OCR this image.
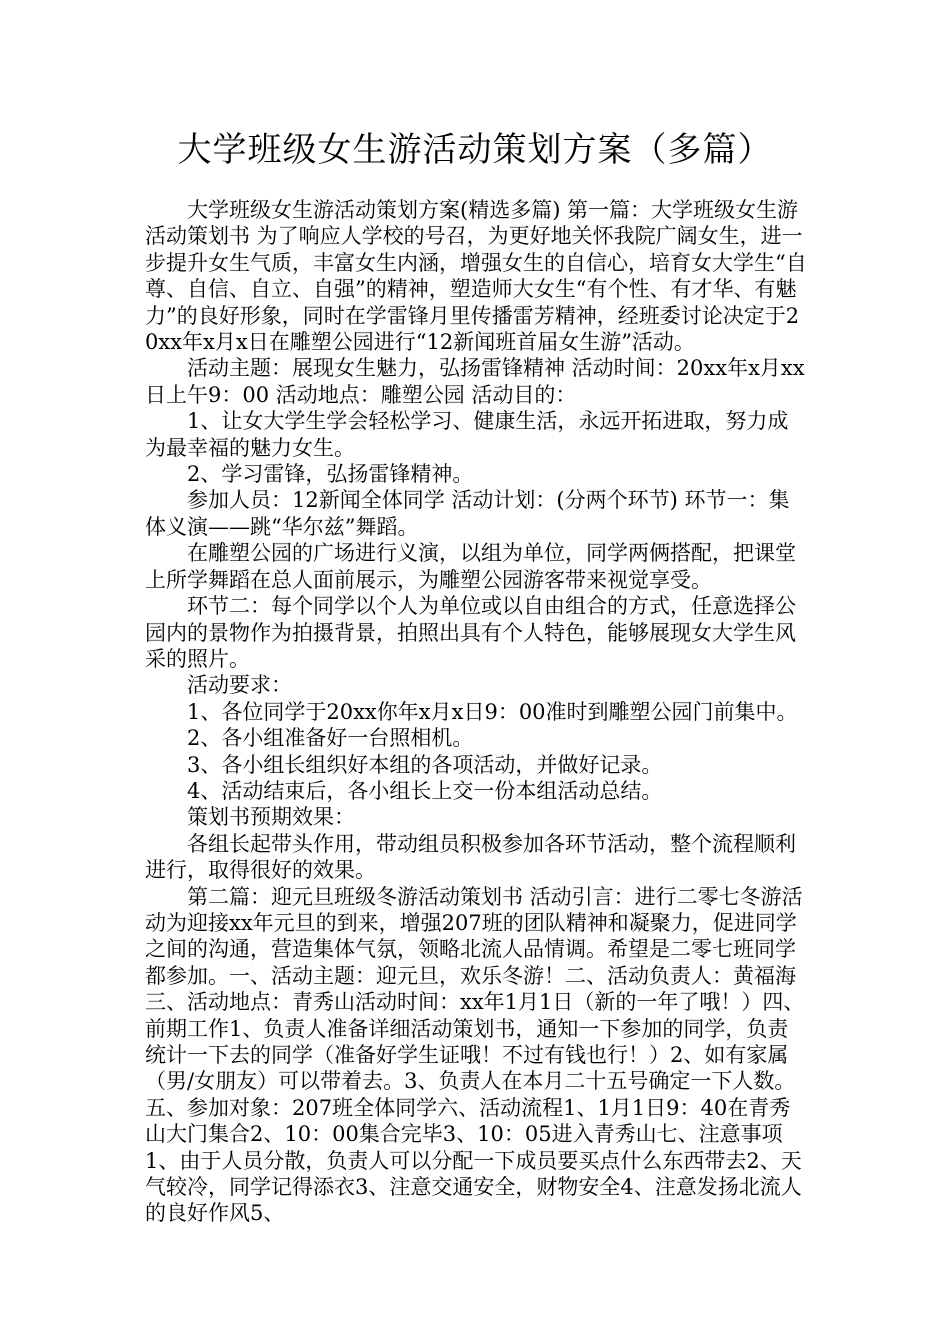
大学班级女生游活动策划方案（多篇）

大学班级女生游活动策划方案(精选多篇) 第一篇：大学班级女生游活动策划书 为了响应人学校的号召，为更好地关怀我院广阔女生，进一步提升女生气质，丰富女生内涵，增强女生的自信心，培育女大学生“自尊、自信、自立、自强”的精神，塑造师大女生“有个性、有才华、有魅力”的良好形象，同时在学雷锋月里传播雷芳精神，经班委讨论决定于20xx年x月x日在雕塑公园进行“12新闻班首届女生游”活动。

活动主题：展现女生魅力，弘扬雷锋精神 活动时间：20xx年x月xx日上午9：00 活动地点：雕塑公园 活动目的：

1、让女大学生学会轻松学习、健康生活，永远开拓进取，努力成为最幸福的魅力女生。

2、学习雷锋，弘扬雷锋精神。

参加人员：12新闻全体同学 活动计划：(分两个环节) 环节一：集体义演——跳“华尔兹”舞蹈。

在雕塑公园的广场进行义演，以组为单位，同学两俩搭配，把课堂上所学舞蹈在总人面前展示，为雕塑公园游客带来视觉享受。

环节二：每个同学以个人为单位或以自由组合的方式，任意选择公园内的景物作为拍摄背景，拍照出具有个人特色，能够展现女大学生风采的照片。

活动要求：

1、各位同学于20xx你年x月x日9：00准时到雕塑公园门前集中。

2、各小组准备好一台照相机。

3、各小组长组织好本组的各项活动，并做好记录。

4、活动结束后，各小组长上交一份本组活动总结。

策划书预期效果：

各组长起带头作用，带动组员积极参加各环节活动，整个流程顺利进行，取得很好的效果。

第二篇：迎元旦班级冬游活动策划书 活动引言：进行二零七冬游活动为迎接xx年元旦的到来，增强207班的团队精神和凝聚力，促进同学之间的沟通，营造集体气氛，领略北流人品情调。希望是二零七班同学都参加。一、活动主题：迎元旦，欢乐冬游！二、活动负责人：黄福海三、活动地点：青秀山活动时间：xx年1月1日（新的一年了哦！）四、前期工作1、负责人准备详细活动策划书，通知一下参加的同学，负责统计一下去的同学（准备好学生证哦！不过有钱也行！）2、如有家属（男/女朋友）可以带着去。3、负责人在本月二十五号确定一下人数。五、参加对象：207班全体同学六、活动流程1、1月1日9：40在青秀山大门集合2、10：00集合完毕3、10：05进入青秀山七、注意事项1、由于人员分散，负责人可以分配一下成员要买点什么东西带去2、天气较冷，同学记得添衣3、注意交通安全，财物安全4、注意发扬北流人的良好作风5、
